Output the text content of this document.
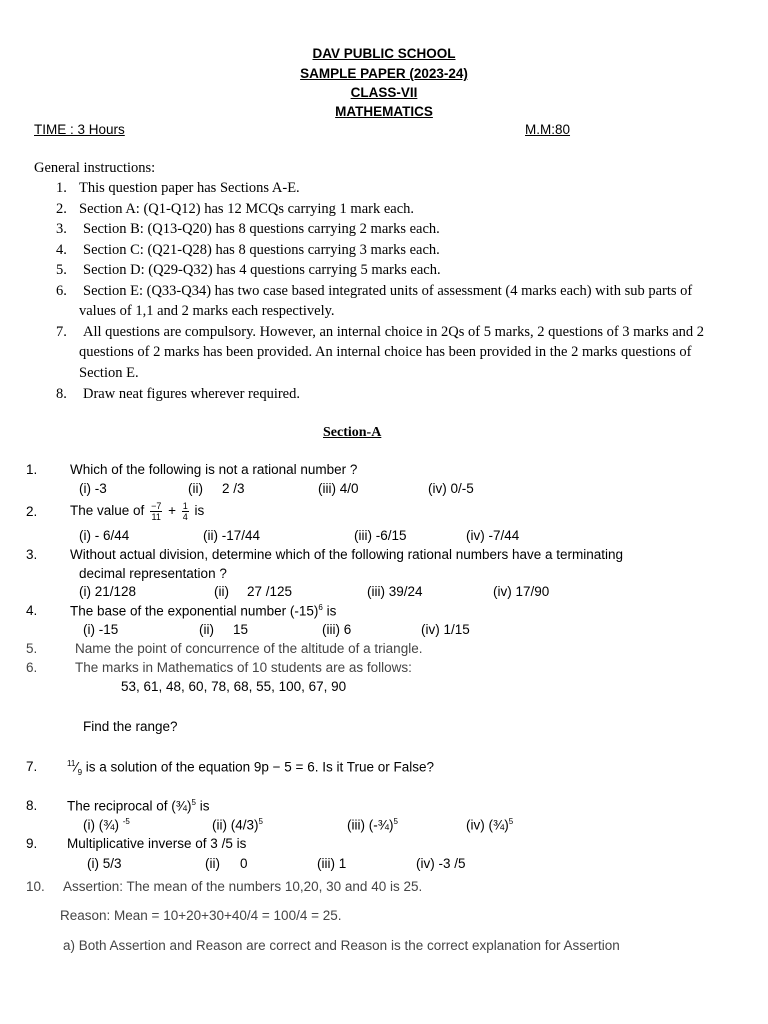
DAV PUBLIC SCHOOL
SAMPLE PAPER (2023-24)
CLASS-VII
MATHEMATICS
TIME : 3 Hours	M.M:80
General instructions:
1. This question paper has Sections A-E.
2. Section A: (Q1-Q12) has 12 MCQs carrying 1 mark each.
3. Section B: (Q13-Q20) has 8 questions carrying 2 marks each.
4. Section C: (Q21-Q28) has 8 questions carrying 3 marks each.
5. Section D: (Q29-Q32) has 4 questions carrying 5 marks each.
6. Section E: (Q33-Q34) has two case based integrated units of assessment (4 marks each) with sub parts of
values of 1,1 and 2 marks each respectively.
7. All questions are compulsory. However, an internal choice in 2Qs of 5 marks, 2 questions of 3 marks and 2
questions of 2 marks has been provided. An internal choice has been provided in the 2 marks questions of
Section E.
8. Draw neat figures wherever required.
Section-A
1. Which of the following is not a rational number ?
(i) -3	(ii) 2 /3	(iii) 4/0	(iv) 0/-5
2. The value of $\frac{-7}{11} + \frac{1}{4}$ is
(i) - 6/44	(ii) -17/44	(iii) -6/15	(iv) -7/44
3. Without actual division, determine which of the following rational numbers have a terminating
decimal representation ?
(i) 21/128	(ii) 27 /125	(iii) 39/24	(iv) 17/90
4. The base of the exponential number $(-15)^6$ is
(i) -15	(ii) 15	(iii) 6	(iv) 1/15
5.	Name the point of concurrence of the altitude of a triangle.
6.	The marks in Mathematics of 10 students are as follows:
53, 61, 48, 60, 78, 68, 55, 100, 67, 90
Find the range?
7.	$^{11}⁄_9$ is a solution of the equation 9p − 5 = 6. Is it True or False?
8. The reciprocal of (¾)$^5$ is
(i) (¾) $^{-5}$	(ii) $(4/3)^5$	(iii) (-¾)$^5$	(iv) (¾)$^5$
9. Multiplicative inverse of 3 /5 is
(i) 5/3	(ii) 0	(iii) 1	(iv) -3 /5
10. Assertion: The mean of the numbers 10,20, 30 and 40 is 25.
Reason: Mean = 10+20+30+40/4 = 100/4 = 25.
a) Both Assertion and Reason are correct and Reason is the correct explanation for Assertion
